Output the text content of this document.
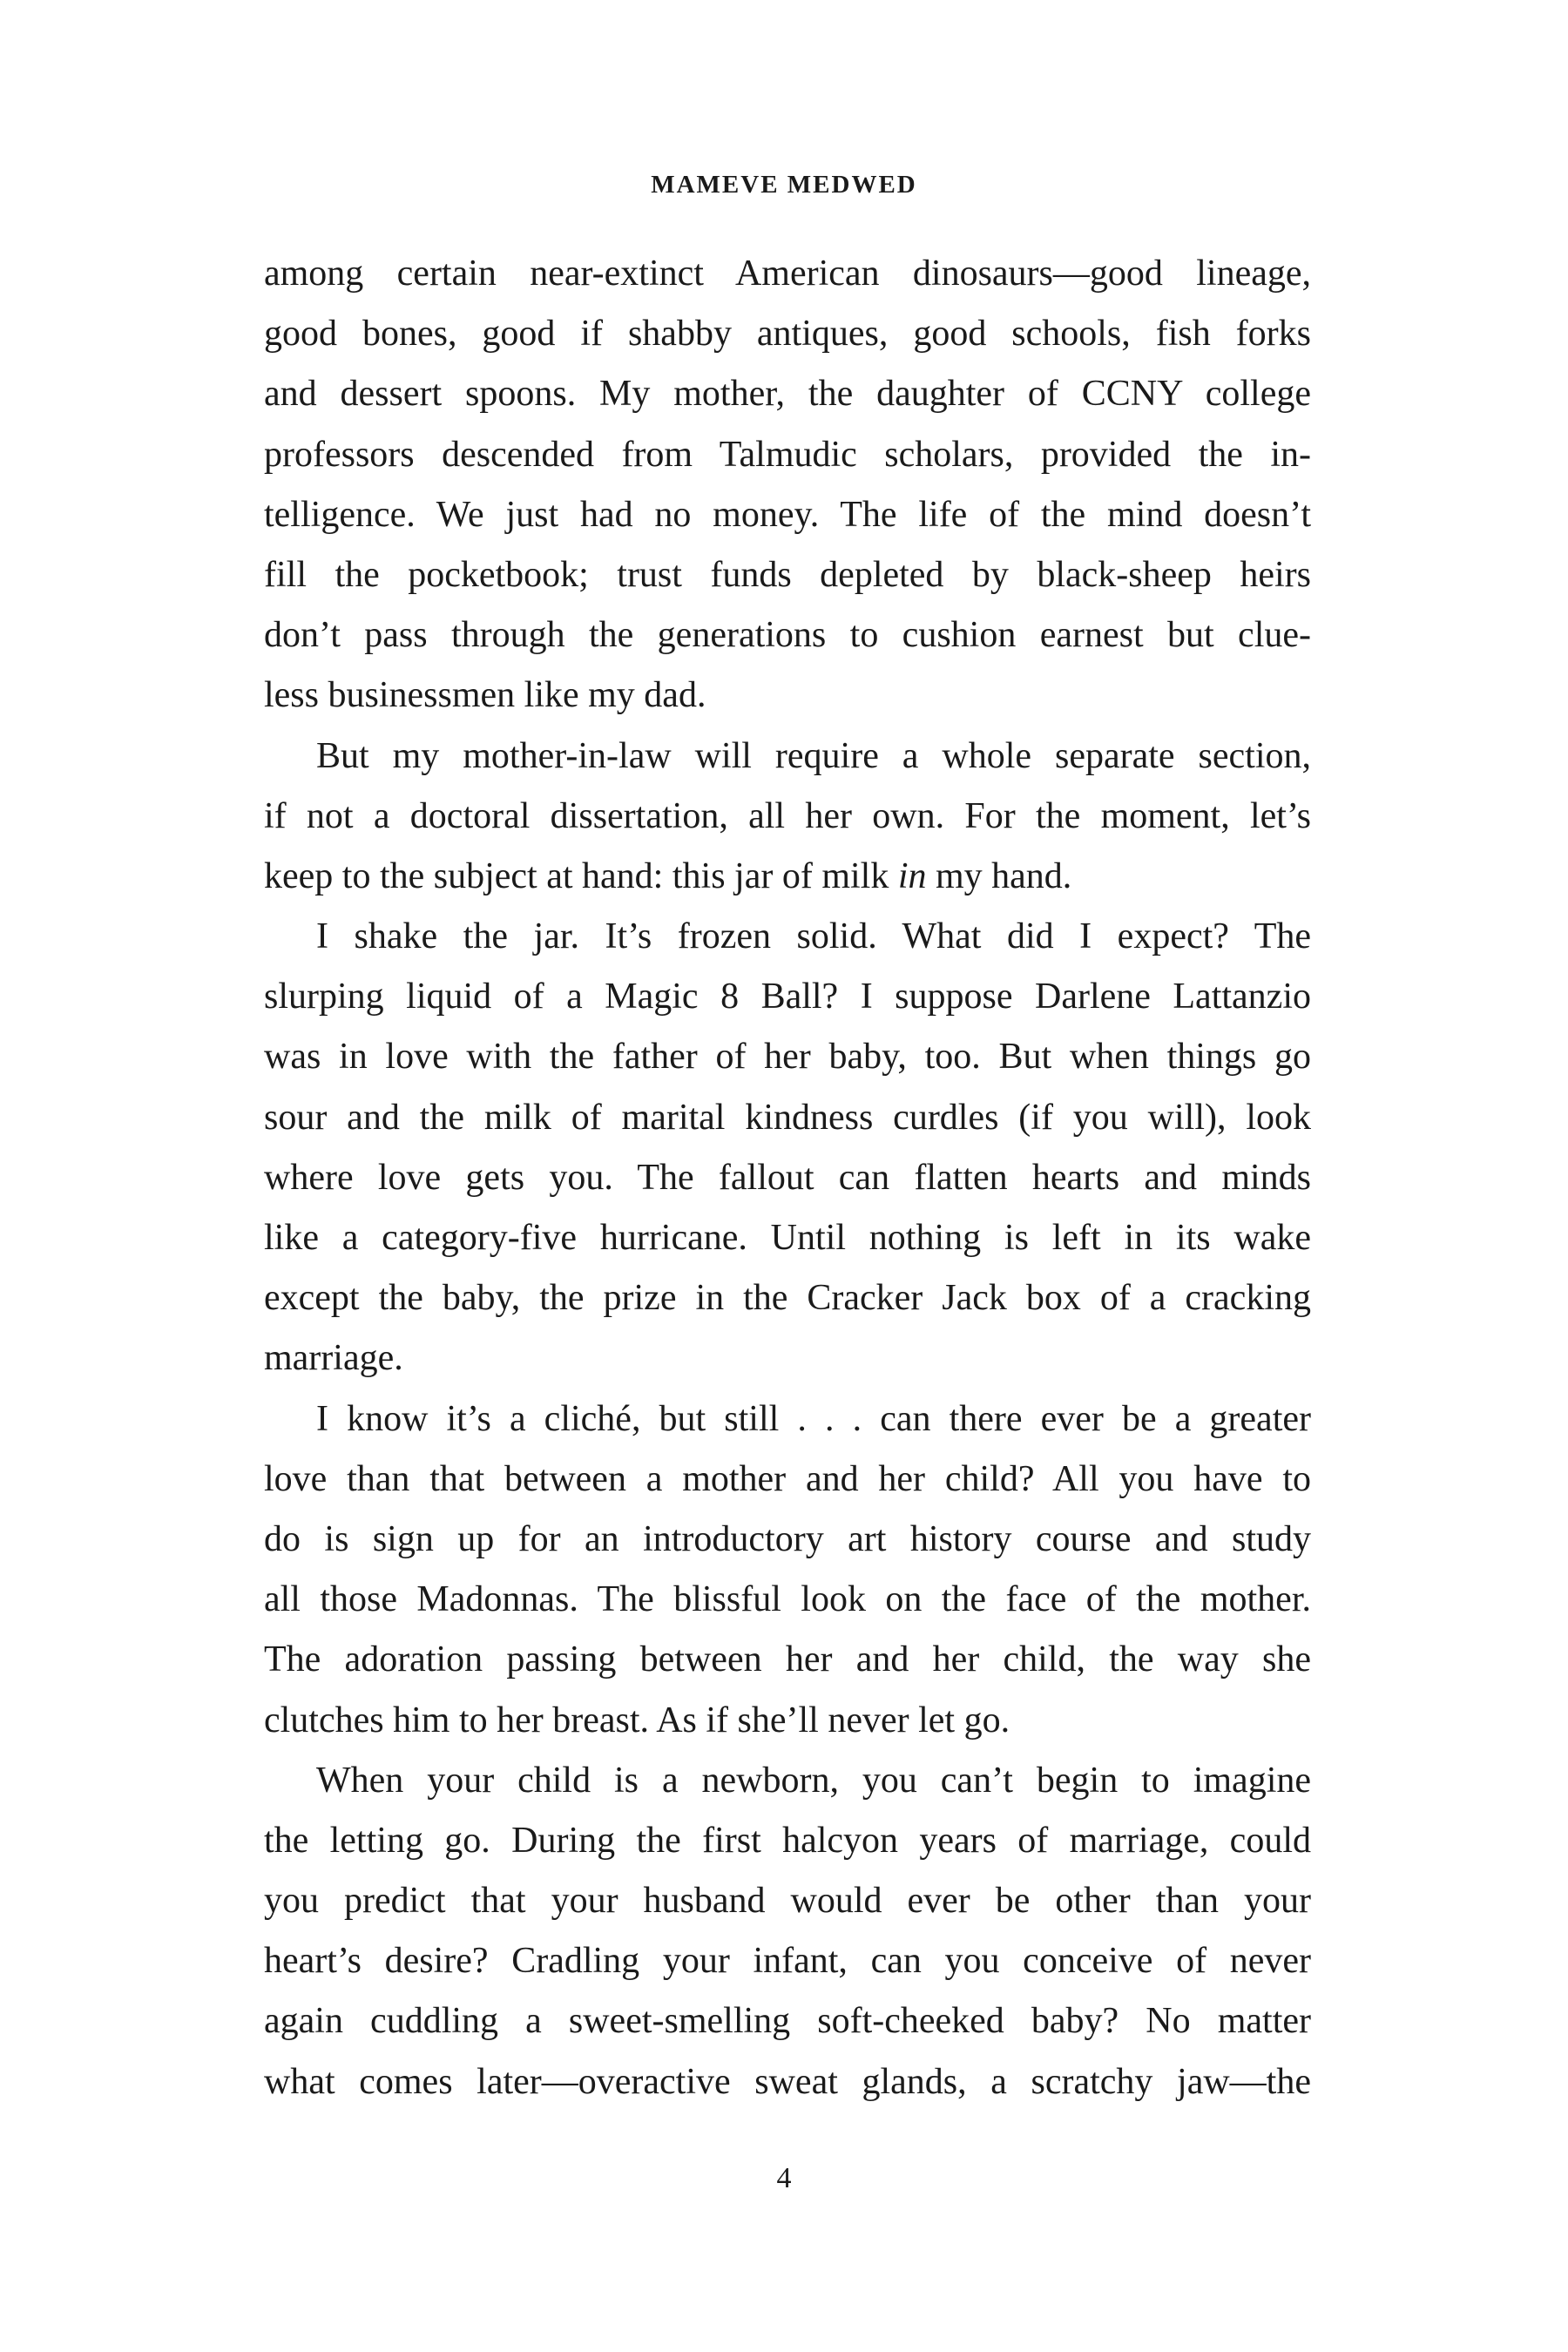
MAMEVE MEDWED
among certain near-extinct American dinosaurs—good lineage,
good bones, good if shabby antiques, good schools, fish forks
and dessert spoons. My mother, the daughter of CCNY college
professors descended from Talmudic scholars, provided the in-
telligence. We just had no money. The life of the mind doesn’t
fill the pocketbook; trust funds depleted by black-sheep heirs
don’t pass through the generations to cushion earnest but clue-
less businessmen like my dad.
But my mother-in-law will require a whole separate section,
if not a doctoral dissertation, all her own. For the moment, let’s
keep to the subject at hand: this jar of milk in my hand.
I shake the jar. It’s frozen solid. What did I expect? The
slurping liquid of a Magic 8 Ball? I suppose Darlene Lattanzio
was in love with the father of her baby, too. But when things go
sour and the milk of marital kindness curdles (if you will), look
where love gets you. The fallout can flatten hearts and minds
like a category-five hurricane. Until nothing is left in its wake
except the baby, the prize in the Cracker Jack box of a cracking
marriage.
I know it’s a cliché, but still . . . can there ever be a greater
love than that between a mother and her child? All you have to
do is sign up for an introductory art history course and study
all those Madonnas. The blissful look on the face of the mother.
The adoration passing between her and her child, the way she
clutches him to her breast. As if she’ll never let go.
When your child is a newborn, you can’t begin to imagine
the letting go. During the first halcyon years of marriage, could
you predict that your husband would ever be other than your
heart’s desire? Cradling your infant, can you conceive of never
again cuddling a sweet-smelling soft-cheeked baby? No matter
what comes later—overactive sweat glands, a scratchy jaw—the
4
